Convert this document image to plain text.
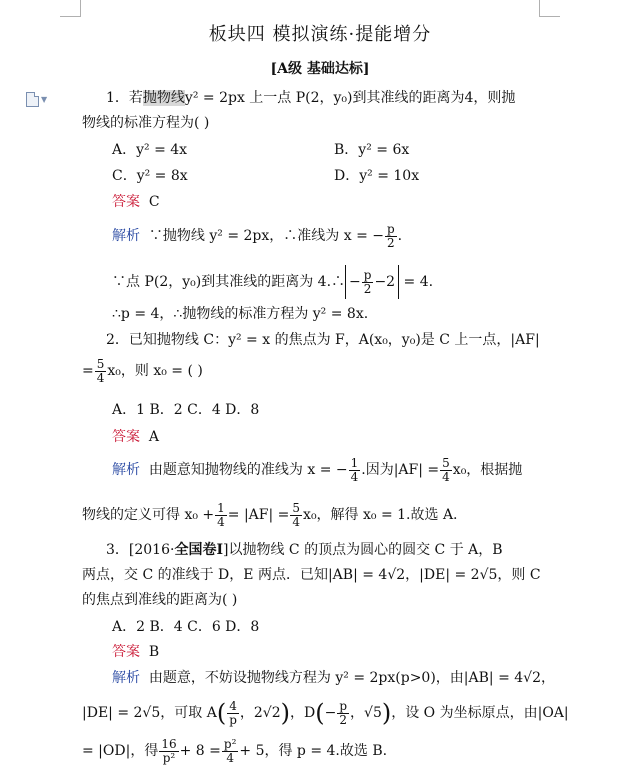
▼
板块四 模拟演练·提能增分
[A级 基础达标]
1．若抛物线y² = 2px 上一点 P(2，y₀)到其准线的距离为4，则抛
物线的标准方程为( )
A．y² = 4x	B．y² = 6x
C．y² = 8x	D．y² = 10x
答案 C
解析 ∵抛物线 y² = 2px，∴准线为 x = − $\frac{p}{2}$ .
∵点 P(2，y₀)到其准线的距离为 4.∴ − $\frac{p}{2} -2 = 4$.
∴p = 4，∴抛物线的标准方程为 y² = 8x.
2．已知抛物线 C：y² = x 的焦点为 F，A(x₀，y₀)是 C 上一点，|AF|
= $\frac{5}{4} x_0$，则 x₀ = ( )
A．1 B．2 C．4 D．8
答案 A
解析 由题意知抛物线的准线为 x = − $\frac{1}{4}$ .因为$|AF| = \frac{5}{4} x_0$，根据抛
物线的定义可得 $x_0 + \frac{1}{4} = |AF| = \frac{5}{4} x_0$，解得 x₀ = 1.故选 A.
3．[2016·全国卷Ⅰ]以抛物线 C 的顶点为圆心的圆交 C 于 A，B
两点，交 C 的准线于 D，E 两点．已知|AB| = 4√2，|DE| = 2√5，则 C
的焦点到准线的距离为( )
A．2 B．4 C．6 D．8
答案 B
解析 由题意，不妨设抛物线方程为 y² = 2px(p>0)，由|AB| = 4√2，
|DE| = 2√5，可取 $A( \frac{4}{p}$ ，2√2)，$D(- \frac{p}{2}$ ，√5)，设 O 为坐标原点，由|OA|
= |OD|，得 $\frac{16}{\text{p²}} + 8 = \frac{\text{p²}}{4} + 5$，得 p = 4.故选 B.
